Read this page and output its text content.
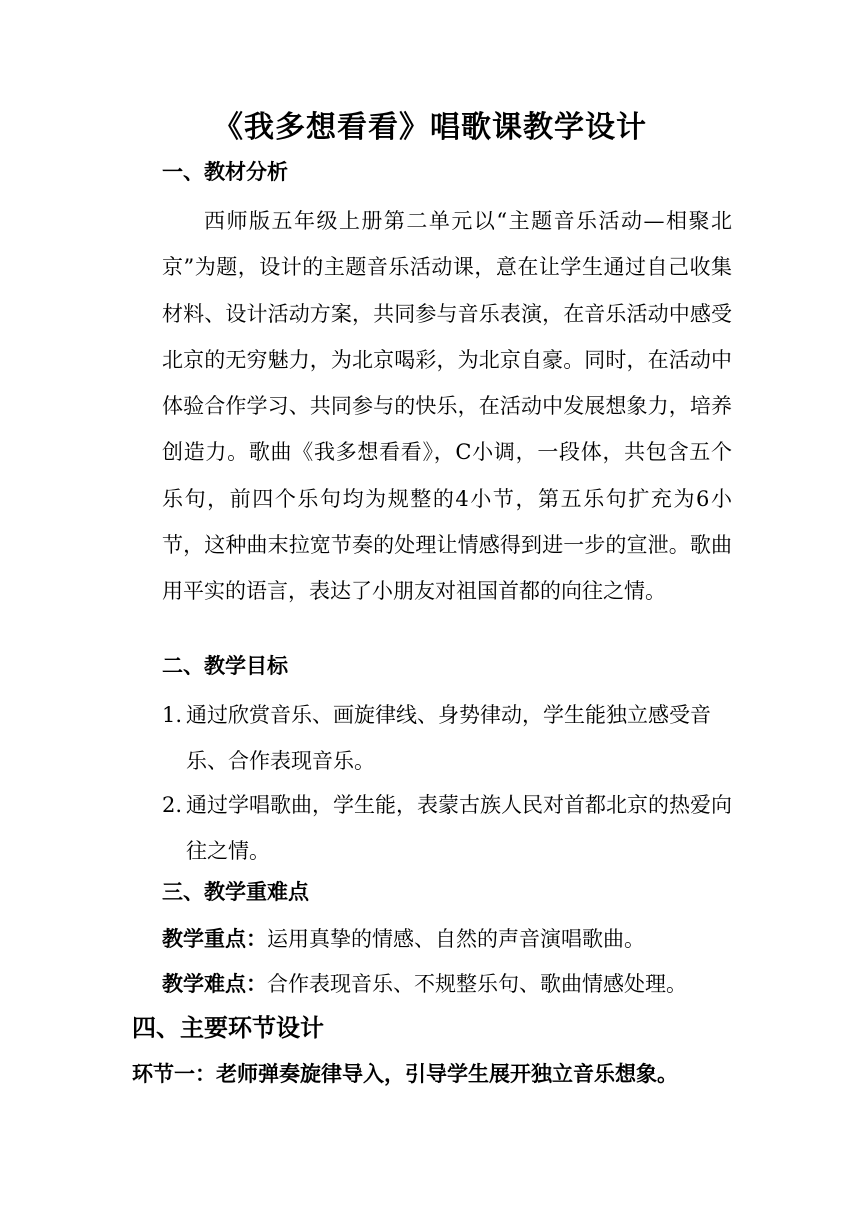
《我多想看看》唱歌课教学设计
一、教材分析

西师版五年级上册第二单元以“主题音乐活动—相聚北京”为题，设计的主题音乐活动课，意在让学生通过自己收集材料、设计活动方案，共同参与音乐表演，在音乐活动中感受北京的无穷魅力，为北京喝彩，为北京自豪。同时，在活动中体验合作学习、共同参与的快乐，在活动中发展想象力，培养创造力。歌曲《我多想看看》，C小调，一段体，共包含五个乐句，前四个乐句均为规整的4小节，第五乐句扩充为6小节，这种曲末拉宽节奏的处理让情感得到进一步的宣泄。歌曲用平实的语言，表达了小朋友对祖国首都的向往之情。

二、教学目标
1. 通过欣赏音乐、画旋律线、身势律动，学生能独立感受音乐、合作表现音乐。
2. 通过学唱歌曲，学生能，表蒙古族人民对首都北京的热爱向往之情。
三、教学重难点

教学重点：运用真挚的情感、自然的声音演唱歌曲。

教学难点：合作表现音乐、不规整乐句、歌曲情感处理。

四、主要环节设计

环节一：老师弹奏旋律导入，引导学生展开独立音乐想象。
